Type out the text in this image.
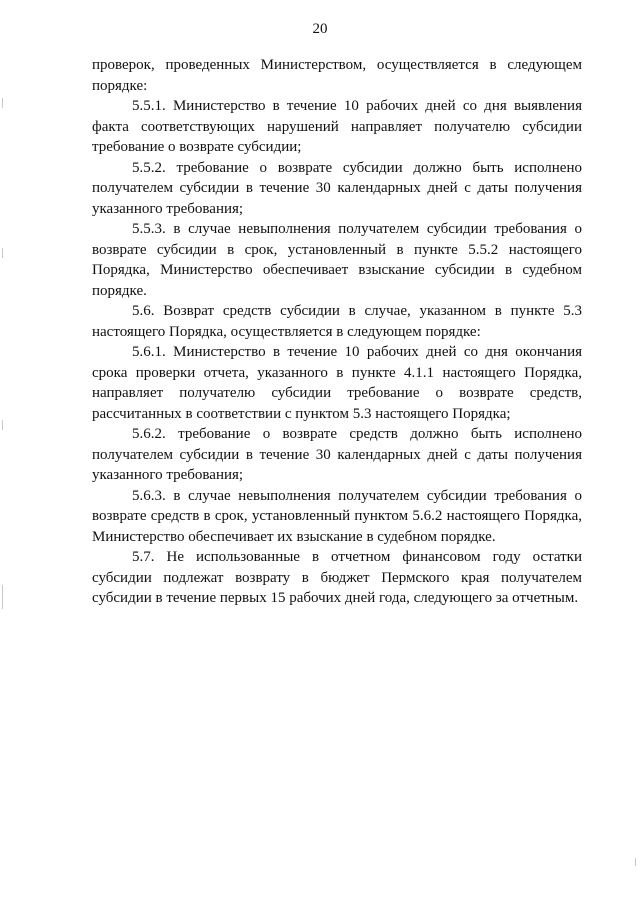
20

проверок, проведенных Министерством, осуществляется в следующем порядке:

5.5.1. Министерство в течение 10 рабочих дней со дня выявления факта соответствующих нарушений направляет получателю субсидии требование о возврате субсидии;

5.5.2. требование о возврате субсидии должно быть исполнено получателем субсидии в течение 30 календарных дней с даты получения указанного требования;

5.5.3. в случае невыполнения получателем субсидии требования о возврате субсидии в срок, установленный в пункте 5.5.2 настоящего Порядка, Министерство обеспечивает взыскание субсидии в судебном порядке.

5.6. Возврат средств субсидии в случае, указанном в пункте 5.3 настоящего Порядка, осуществляется в следующем порядке:

5.6.1. Министерство в течение 10 рабочих дней со дня окончания срока проверки отчета, указанного в пункте 4.1.1 настоящего Порядка, направляет получателю субсидии требование о возврате средств, рассчитанных в соответствии с пунктом 5.3 настоящего Порядка;

5.6.2. требование о возврате средств должно быть исполнено получателем субсидии в течение 30 календарных дней с даты получения указанного требования;

5.6.3. в случае невыполнения получателем субсидии требования о возврате средств в срок, установленный пунктом 5.6.2 настоящего Порядка, Министерство обеспечивает их взыскание в судебном порядке.

5.7. Не использованные в отчетном финансовом году остатки субсидии подлежат возврату в бюджет Пермского края получателем субсидии в течение первых 15 рабочих дней года, следующего за отчетным.
